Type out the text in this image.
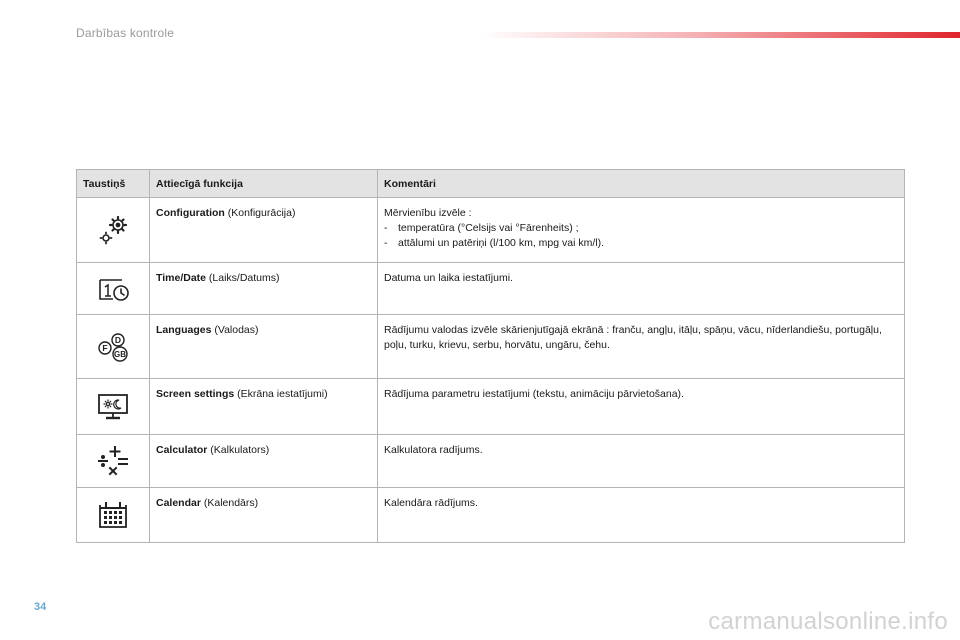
Darbības kontrole
Taustiņš	Attiecīgā funkcija	Komentāri

	Configuration (Konfigurācija)	Mērvienību izvēle :
- temperatūra (°Celsijs vai °Fārenheits) ;
- attālumi un patēriņi (l/100 km, mpg vai km/l).

	Time/Date (Laiks/Datums)	Datuma un laika iestatījumi.

D
F
GB	Languages (Valodas)	Rādījumu valodas izvēle skārienjutīgajā ekrānā : franču, angļu, itāļu, spāņu, vācu, nīderlandiešu, portugāļu, poļu, turku, krievu, serbu, horvātu, ungāru, čehu.

	Screen settings (Ekrāna iestatījumi)	Rādījuma parametru iestatījumi (tekstu, animāciju pārvietošana).

	Calculator (Kalkulators)	Kalkulatora radījums.

	Calendar (Kalendārs)	Kalendāra rādījums.
34
carmanualsonline.info
